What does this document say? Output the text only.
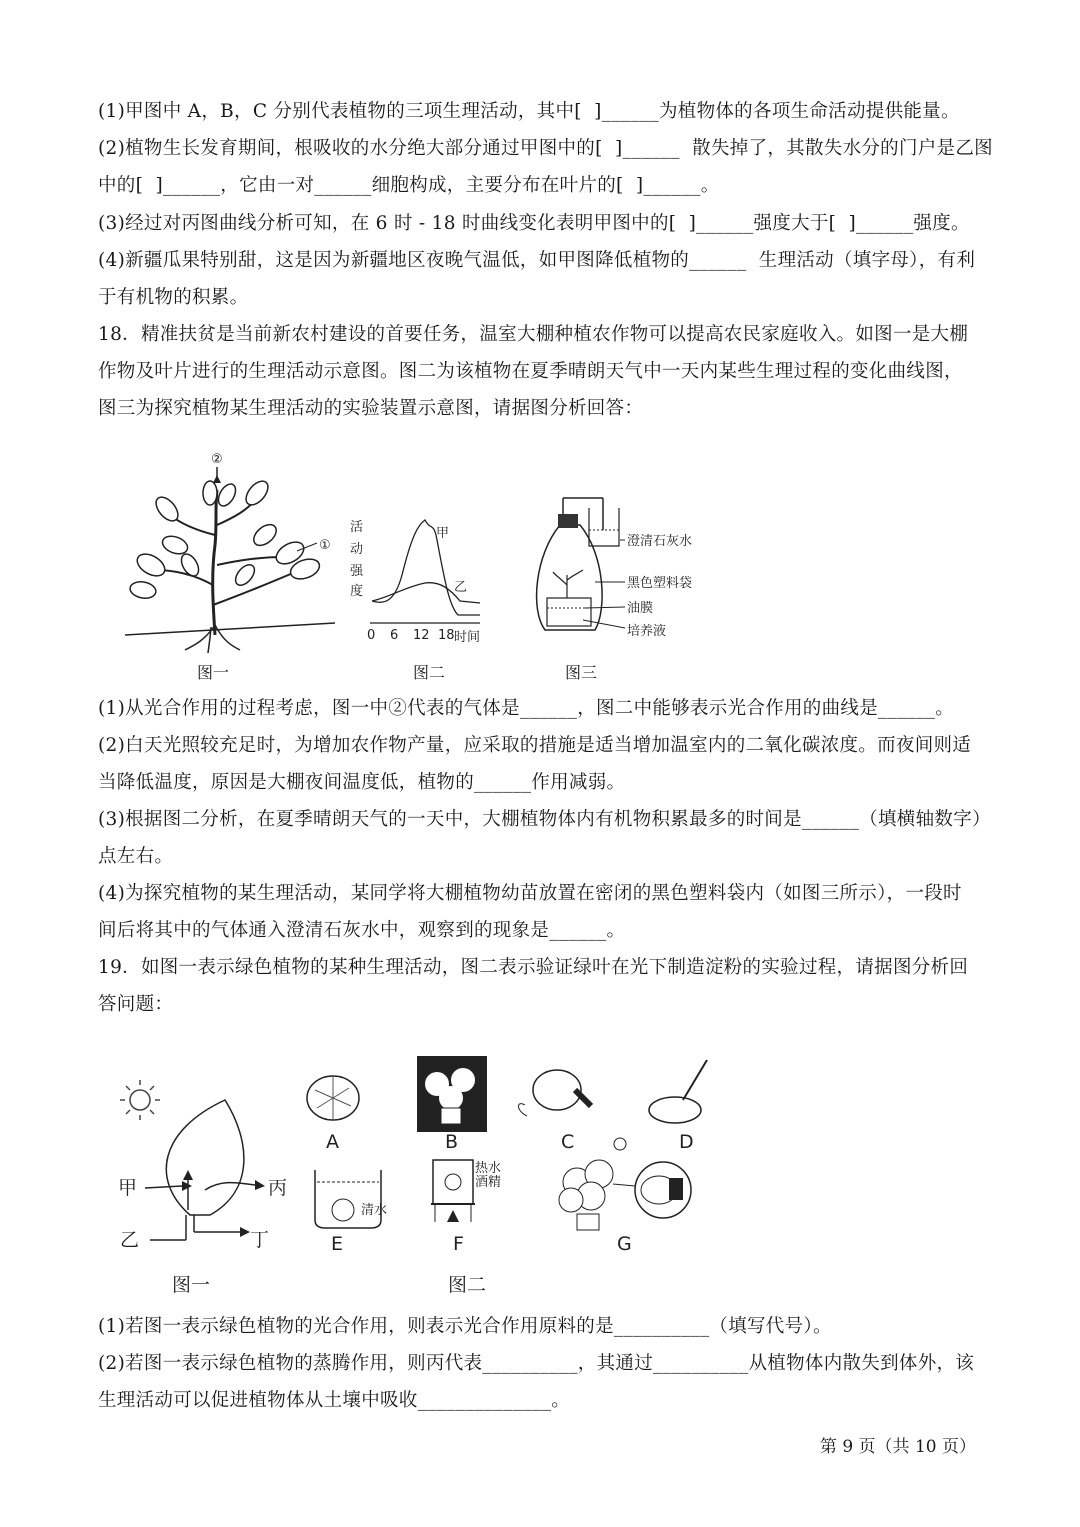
(1)甲图中 A，B，C 分别代表植物的三项生理活动，其中[  ]______为植物体的各项生命活动提供能量。
(2)植物生长发育期间，根吸收的水分绝大部分通过甲图中的[  ]______  散失掉了，其散失水分的门户是乙图
中的[  ]______，它由一对______细胞构成，主要分布在叶片的[  ]______。
(3)经过对丙图曲线分析可知，在 6 时 - 18 时曲线变化表明甲图中的[  ]______强度大于[  ]______强度。
(4)新疆瓜果特别甜，这是因为新疆地区夜晚气温低，如甲图降低植物的______  生理活动（填字母），有利
于有机物的积累。
18．精准扶贫是当前新农村建设的首要任务，温室大棚种植农作物可以提高农民家庭收入。如图一是大棚
作物及叶片进行的生理活动示意图。图二为该植物在夏季晴朗天气中一天内某些生理过程的变化曲线图，
图三为探究植物某生理活动的实验装置示意图，请据图分析回答：
②
①
图一
活
动
强
度
甲
乙
0 6 12 18 时间
图二
澄清石灰水
黑色塑料袋
油膜
培养液
图三
(1)从光合作用的过程考虑，图一中②代表的气体是______，图二中能够表示光合作用的曲线是______。
(2)白天光照较充足时，为增加农作物产量，应采取的措施是适当增加温室内的二氧化碳浓度。而夜间则适
当降低温度，原因是大棚夜间温度低，植物的______作用减弱。
(3)根据图二分析，在夏季晴朗天气的一天中，大棚植物体内有机物积累最多的时间是______（填横轴数字）
点左右。
(4)为探究植物的某生理活动，某同学将大棚植物幼苗放置在密闭的黑色塑料袋内（如图三所示），一段时
间后将其中的气体通入澄清石灰水中，观察到的现象是______。
19．如图一表示绿色植物的某种生理活动，图二表示验证绿叶在光下制造淀粉的实验过程，请据图分析回
答问题：
甲
乙
丙
丁
图一
A	B	C	D
清水
E
热水
酒精
F	G
图二
(1)若图一表示绿色植物的光合作用，则表示光合作用原料的是__________（填写代号）。
(2)若图一表示绿色植物的蒸腾作用，则丙代表__________，其通过__________从植物体内散失到体外，该
生理活动可以促进植物体从土壤中吸收______________。
第 9 页（共 10 页）
